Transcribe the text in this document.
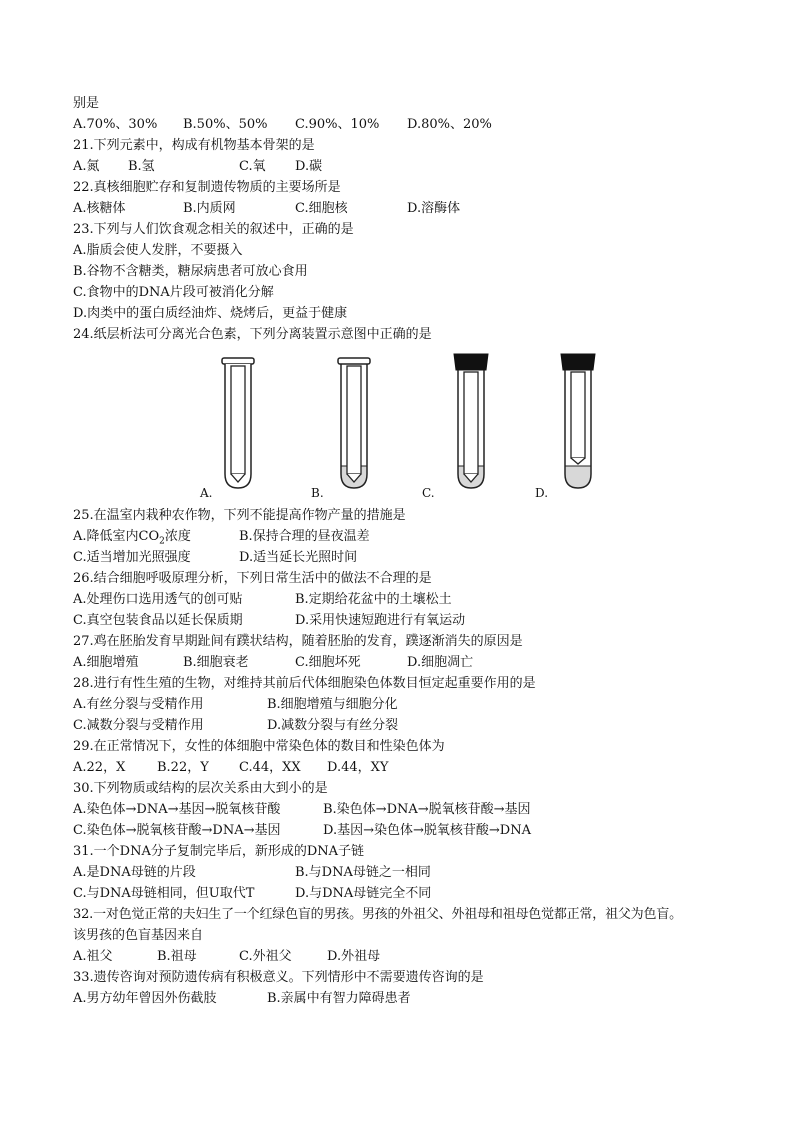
别是
A.70%、30% B.50%、50% C.90%、10% D.80%、20%
21.下列元素中，构成有机物基本骨架的是
A.氮 B.氢	C.氧 D.碳
22.真核细胞贮存和复制遗传物质的主要场所是
A.核糖体	B.内质网	C.细胞核	D.溶酶体
23.下列与人们饮食观念相关的叙述中，正确的是
A.脂质会使人发胖，不要摄入
B.谷物不含糖类，糖尿病患者可放心食用
C.食物中的DNA片段可被消化分解
D.肉类中的蛋白质经油炸、烧烤后，更益于健康
24.纸层析法可分离光合色素，下列分离装置示意图中正确的是
A.	B.	C.	D.
25.在温室内栽种农作物，下列不能提高作物产量的措施是
A.降低室内$CO_2$浓度	B.保持合理的昼夜温差
C.适当增加光照强度	D.适当延长光照时间
26.结合细胞呼吸原理分析，下列日常生活中的做法不合理的是
A.处理伤口选用透气的创可贴	B.定期给花盆中的土壤松土
C.真空包装食品以延长保质期	D.采用快速短跑进行有氧运动
27.鸡在胚胎发育早期趾间有蹼状结构，随着胚胎的发育，蹼逐渐消失的原因是
A.细胞增殖	B.细胞衰老	C.细胞坏死	D.细胞凋亡
28.进行有性生殖的生物，对维持其前后代体细胞染色体数目恒定起重要作用的是
A.有丝分裂与受精作用	B.细胞增殖与细胞分化
C.减数分裂与受精作用	D.减数分裂与有丝分裂
29.在正常情况下，女性的体细胞中常染色体的数目和性染色体为
A.22，X B.22，Y C.44，XX D.44，XY
30.下列物质或结构的层次关系由大到小的是
A.染色体→DNA→基因→脱氧核苷酸	B.染色体→DNA→脱氧核苷酸→基因
C.染色体→脱氧核苷酸→DNA→基因	D.基因→染色体→脱氧核苷酸→DNA
31.一个DNA分子复制完毕后，新形成的DNA子链
A.是DNA母链的片段	B.与DNA母链之一相同
C.与DNA母链相同，但U取代T	D.与DNA母链完全不同
32.一对色觉正常的夫妇生了一个红绿色盲的男孩。男孩的外祖父、外祖母和祖母色觉都正常，祖父为色盲。
该男孩的色盲基因来自
A.祖父	B.祖母	C.外祖父	D.外祖母
33.遗传咨询对预防遗传病有积极意义。下列情形中不需要遗传咨询的是
A.男方幼年曾因外伤截肢	B.亲属中有智力障碍患者
